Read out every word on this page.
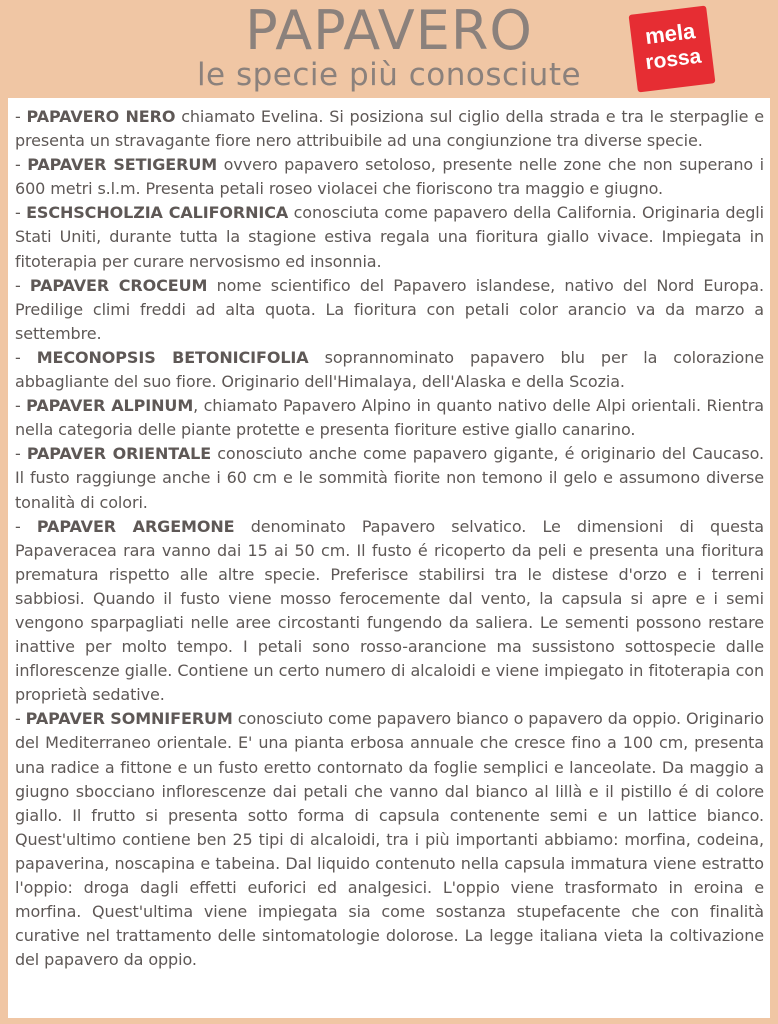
PAPAVERO
le specie più conosciute
mela
rossa

- PAPAVERO NERO chiamato Evelina. Si posiziona sul ciglio della strada e tra le sterpaglie e presenta un stravagante fiore nero attribuibile ad una congiunzione tra diverse specie.

- PAPAVER SETIGERUM ovvero papavero setoloso, presente nelle zone che non superano i 600 metri s.l.m. Presenta petali roseo violacei che fioriscono tra maggio e giugno.

- ESCHSCHOLZIA CALIFORNICA conosciuta come papavero della California. Originaria degli Stati Uniti, durante tutta la stagione estiva regala una fioritura giallo vivace. Impiegata in fitoterapia per curare nervosismo ed insonnia.

- PAPAVER CROCEUM nome scientifico del Papavero islandese, nativo del Nord Europa. Predilige climi freddi ad alta quota. La fioritura con petali color arancio va da marzo a settembre.

- MECONOPSIS BETONICIFOLIA soprannominato papavero blu per la colorazione abbagliante del suo fiore. Originario dell'Himalaya, dell'Alaska e della Scozia.

- PAPAVER ALPINUM, chiamato Papavero Alpino in quanto nativo delle Alpi orientali. Rientra nella categoria delle piante protette e presenta fioriture estive giallo canarino.

- PAPAVER ORIENTALE conosciuto anche come papavero gigante, é originario del Caucaso. Il fusto raggiunge anche i 60 cm e le sommità fiorite non temono il gelo e assumono diverse tonalità di colori.

- PAPAVER ARGEMONE denominato Papavero selvatico. Le dimensioni di questa Papaveracea rara vanno dai 15 ai 50 cm. Il fusto é ricoperto da peli e presenta una fioritura prematura rispetto alle altre specie. Preferisce stabilirsi tra le distese d'orzo e i terreni sabbiosi. Quando il fusto viene mosso ferocemente dal vento, la capsula si apre e i semi vengono sparpagliati nelle aree circostanti fungendo da saliera. Le sementi possono restare inattive per molto tempo. I petali sono rosso-arancione ma sussistono sottospecie dalle inflorescenze gialle. Contiene un certo numero di alcaloidi e viene impiegato in fitoterapia con proprietà sedative.

- PAPAVER SOMNIFERUM conosciuto come papavero bianco o papavero da oppio. Originario del Mediterraneo orientale. E' una pianta erbosa annuale che cresce fino a 100 cm, presenta una radice a fittone e un fusto eretto contornato da foglie semplici e lanceolate. Da maggio a giugno sbocciano inflorescenze dai petali che vanno dal bianco al lillà e il pistillo é di colore giallo. Il frutto si presenta sotto forma di capsula contenente semi e un lattice bianco. Quest'ultimo contiene ben 25 tipi di alcaloidi, tra i più importanti abbiamo: morfina, codeina, papaverina, noscapina e tabeina. Dal liquido contenuto nella capsula immatura viene estratto l'oppio: droga dagli effetti euforici ed analgesici. L'oppio viene trasformato in eroina e morfina. Quest'ultima viene impiegata sia come sostanza stupefacente che con finalità curative nel trattamento delle sintomatologie dolorose. La legge italiana vieta la coltivazione del papavero da oppio.
